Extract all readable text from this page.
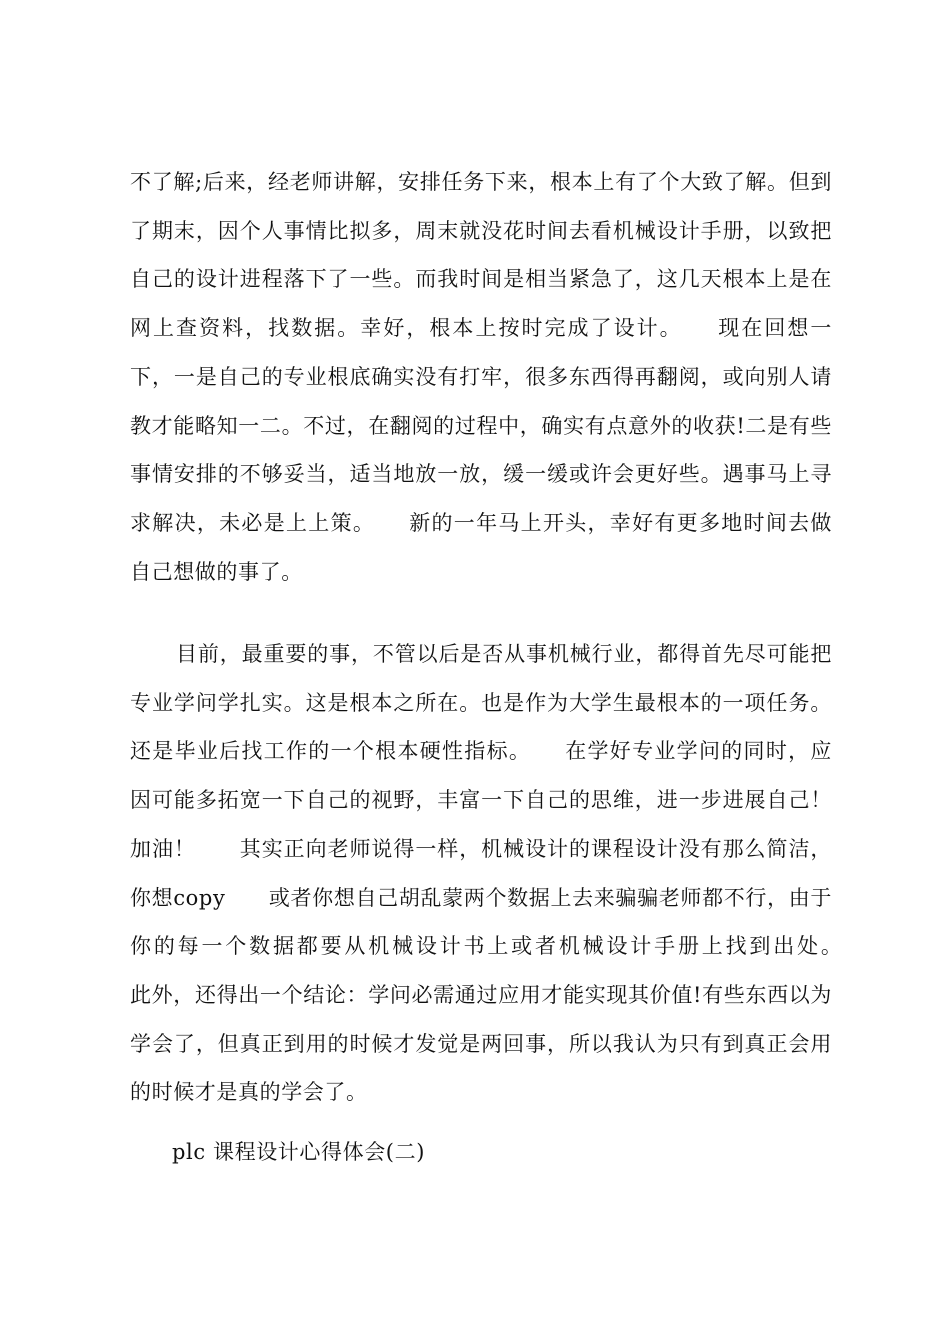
不了解;后来，经老师讲解，安排任务下来，根本上有了个大致了解。但到了期末，因个人事情比拟多，周末就没花时间去看机械设计手册，以致把自己的设计进程落下了一些。而我时间是相当紧急了，这几天根本上是在网上查资料，找数据。幸好，根本上按时完成了设计。　　现在回想一下，一是自己的专业根底确实没有打牢，很多东西得再翻阅，或向别人请教才能略知一二。不过，在翻阅的过程中，确实有点意外的收获!二是有些事情安排的不够妥当，适当地放一放，缓一缓或许会更好些。遇事马上寻求解决，未必是上上策。　　新的一年马上开头，幸好有更多地时间去做自己想做的事了。

目前，最重要的事，不管以后是否从事机械行业，都得首先尽可能把专业学问学扎实。这是根本之所在。也是作为大学生最根本的一项任务。还是毕业后找工作的一个根本硬性指标。　　在学好专业学问的同时，应因可能多拓宽一下自己的视野，丰富一下自己的思维，进一步进展自己！加油！　　其实正向老师说得一样，机械设计的课程设计没有那么简洁，你想copy　　或者你想自己胡乱蒙两个数据上去来骗骗老师都不行，由于你的每一个数据都要从机械设计书上或者机械设计手册上找到出处。　　此外，还得出一个结论：学问必需通过应用才能实现其价值!有些东西以为学会了，但真正到用的时候才发觉是两回事，所以我认为只有到真正会用的时候才是真的学会了。

plc 课程设计心得体会(二)
